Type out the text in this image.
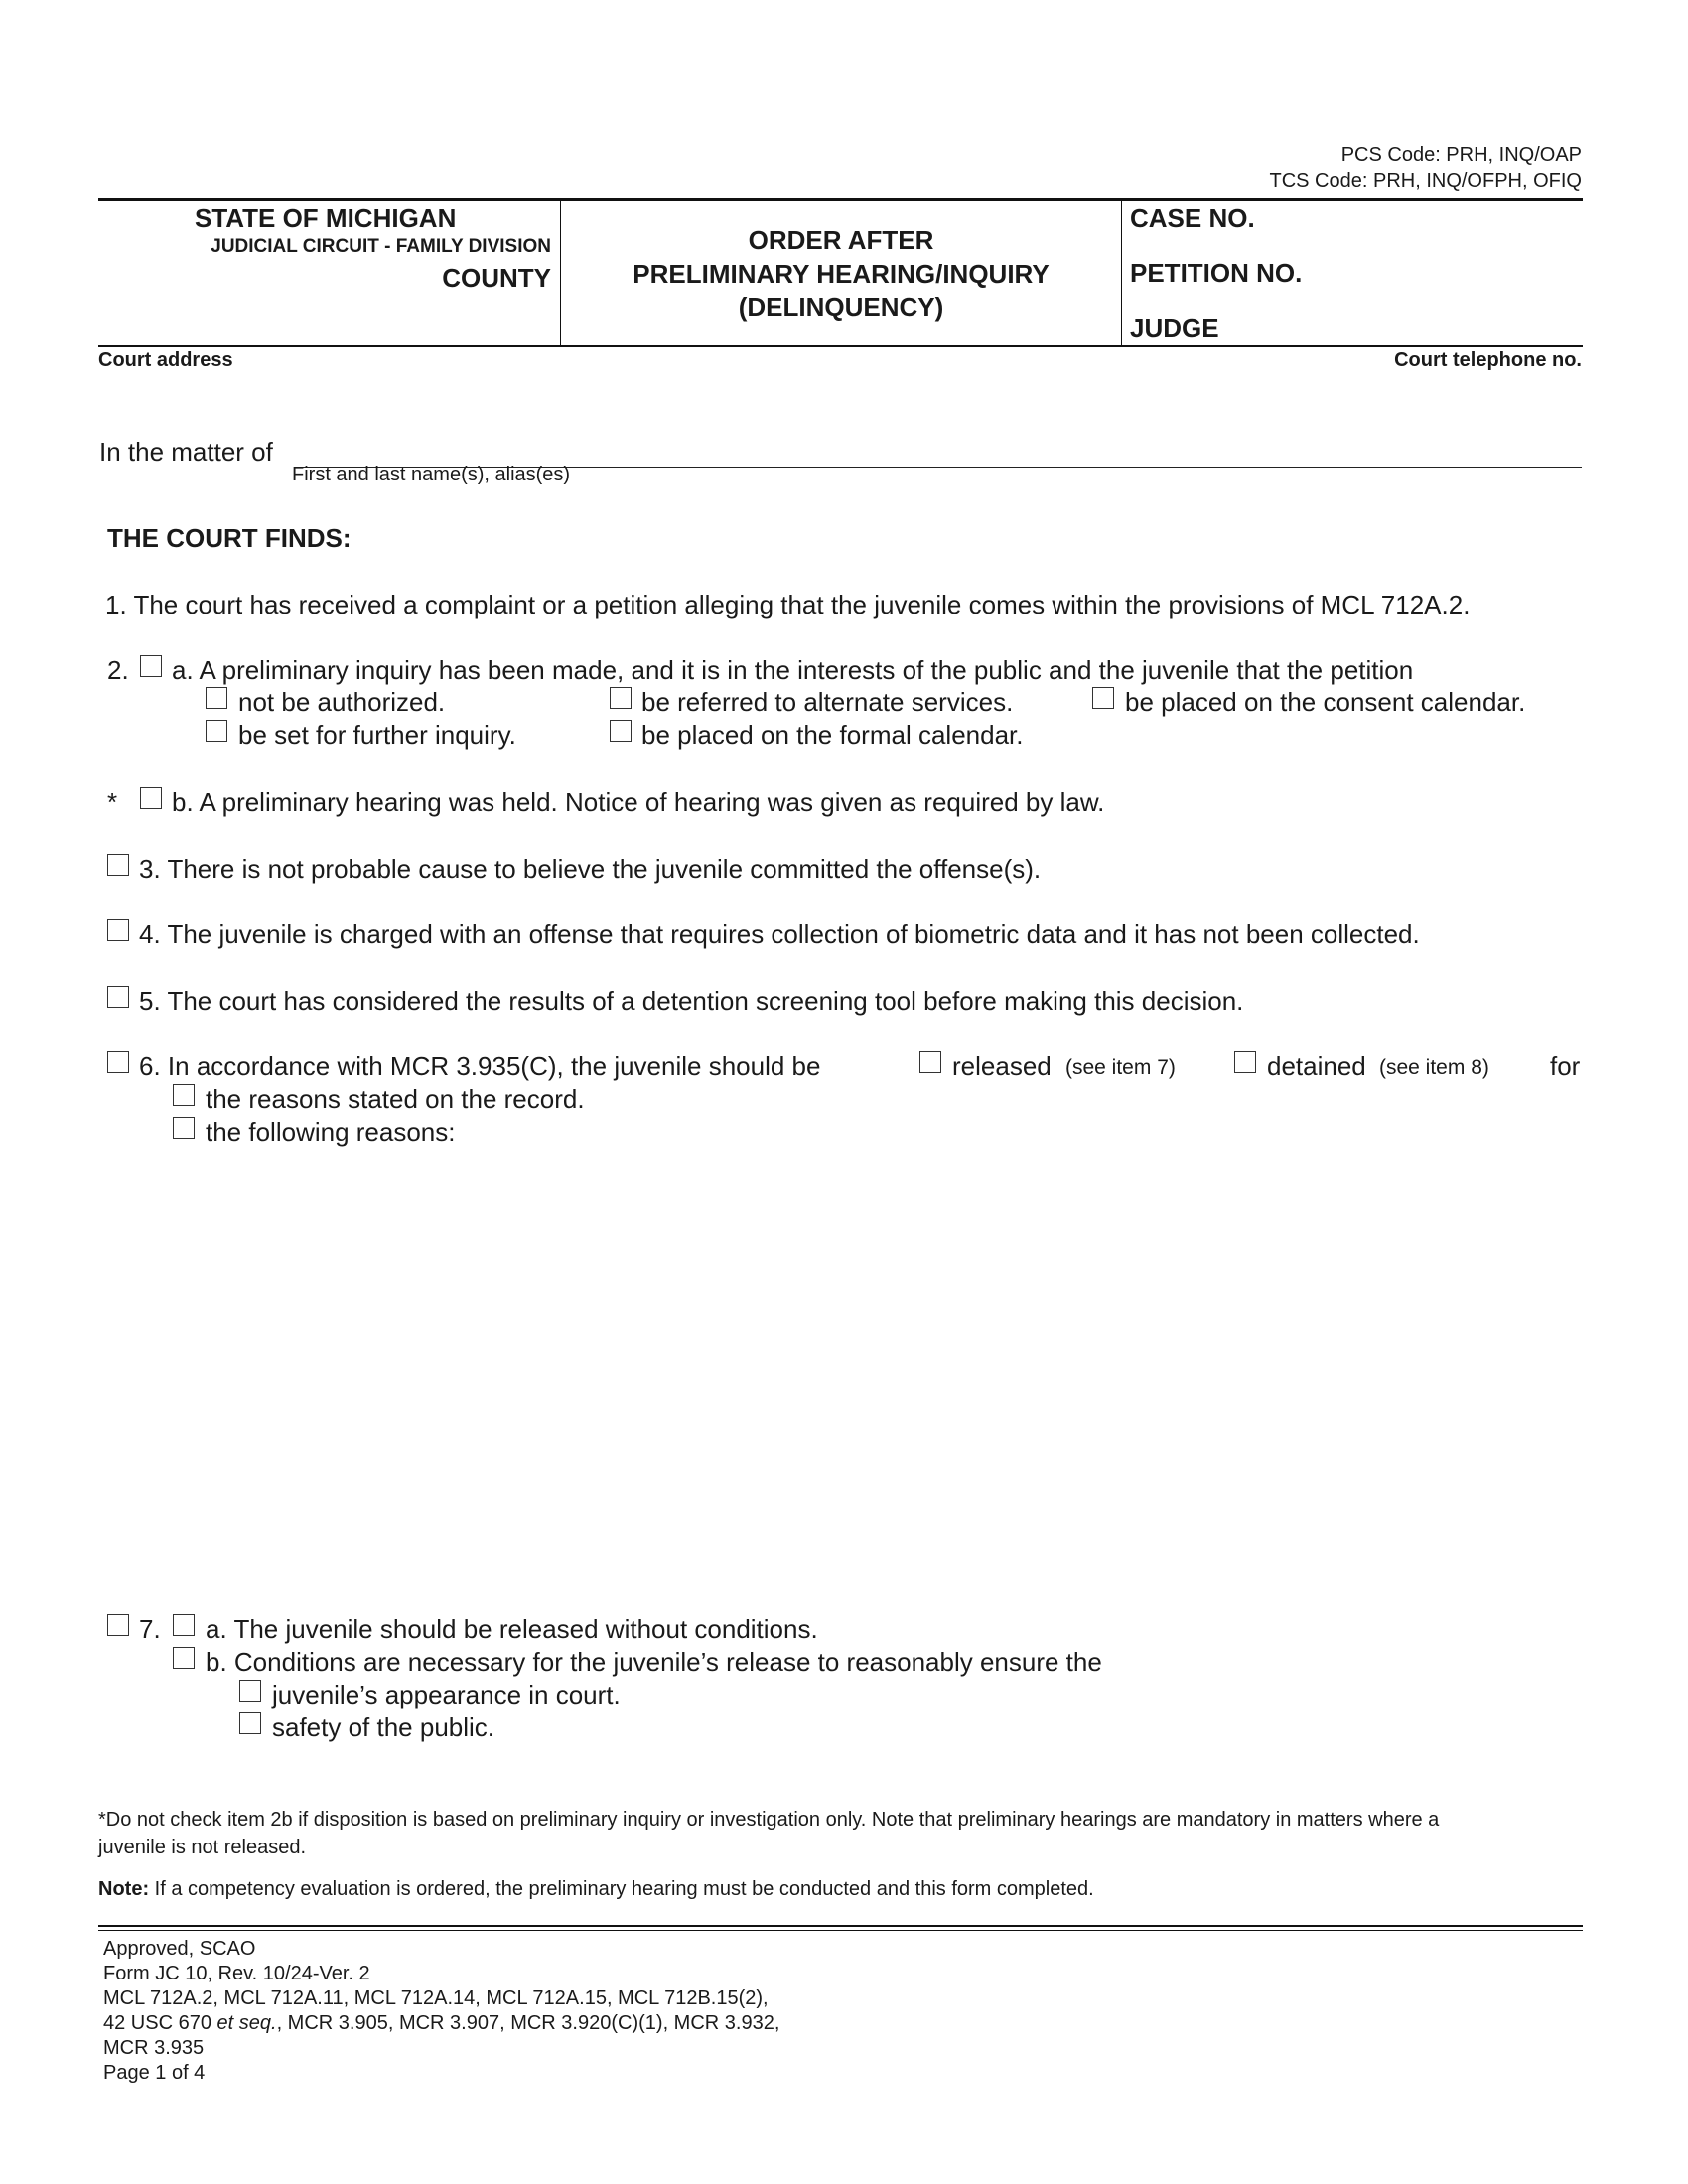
PCS Code: PRH, INQ/OAP
TCS Code: PRH, INQ/OFPH, OFIQ
STATE OF MICHIGAN
JUDICIAL CIRCUIT - FAMILY DIVISION
COUNTY
ORDER AFTER
PRELIMINARY HEARING/INQUIRY
(DELINQUENCY)
CASE NO.
PETITION NO.
JUDGE
Court address	Court telephone no.
In the matter of
First and last name(s), alias(es)
THE COURT FINDS:
1. The court has received a complaint or a petition alleging that the juvenile comes within the provisions of MCL 712A.2.
2. a. A preliminary inquiry has been made, and it is in the interests of the public and the juvenile that the petition
not be authorized.	be referred to alternate services.	be placed on the consent calendar.
be set for further inquiry.	be placed on the formal calendar.
* b. A preliminary hearing was held. Notice of hearing was given as required by law.
3. There is not probable cause to believe the juvenile committed the offense(s).
4. The juvenile is charged with an offense that requires collection of biometric data and it has not been collected.
5. The court has considered the results of a detention screening tool before making this decision.
6. In accordance with MCR 3.935(C), the juvenile should be	released (see item 7)	detained (see item 8) for
the reasons stated on the record.
the following reasons:
7. a. The juvenile should be released without conditions.
b. Conditions are necessary for the juvenile’s release to reasonably ensure the
juvenile’s appearance in court.
safety of the public.
*Do not check item 2b if disposition is based on preliminary inquiry or investigation only. Note that preliminary hearings are mandatory in matters where a
juvenile is not released.
Note: If a competency evaluation is ordered, the preliminary hearing must be conducted and this form completed.
Approved, SCAO
Form JC 10, Rev. 10/24-Ver. 2
MCL 712A.2, MCL 712A.11, MCL 712A.14, MCL 712A.15, MCL 712B.15(2),
42 USC 670 et seq., MCR 3.905, MCR 3.907, MCR 3.920(C)(1), MCR 3.932,
MCR 3.935
Page 1 of 4
